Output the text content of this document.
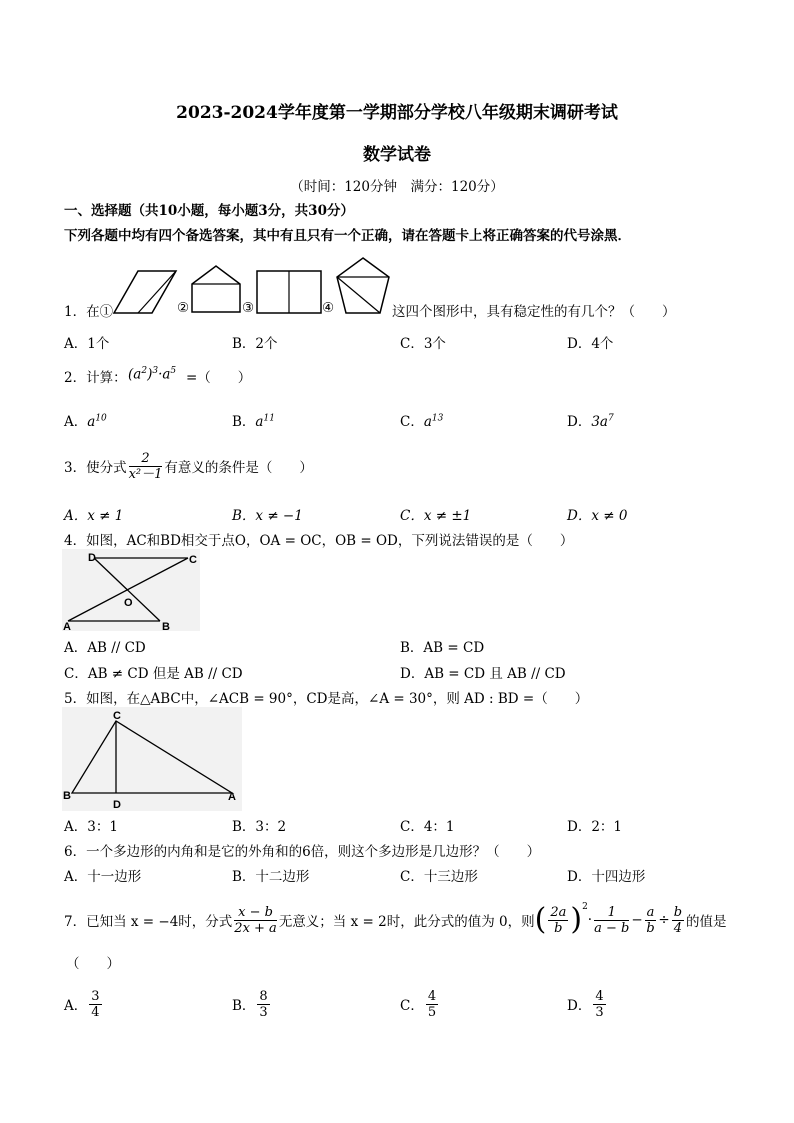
2023-2024学年度第一学期部分学校八年级期末调研考试
数学试卷
（时间：120分钟　满分：120分）
一、选择题（共10小题，每小题3分，共30分）
下列各题中均有四个备选答案，其中有且只有一个正确，请在答题卡上将正确答案的代号涂黑．
1．在①	②	③	④	这四个图形中，具有稳定性的有几个？（　　）
A．1个	B．2个	C．3个	D．4个
2．计算： $(a^2)^3\cdot a^5$ =（　　）
A．$a^{10}$	B．$a^{11}$	C．$a^{13}$	D．$3a^7$
3．使分式 $\frac{2}{\text{x²－1}}$ 有意义的条件是（　　）
A．x ≠ 1	B．x ≠ −1	C．x ≠ ±1	D．x ≠ 0
4．如图，AC和BD相交于点O，OA = OC，OB = OD，下列说法错误的是（　　）
D	C
O
A	B
A．AB // CD	B．AB = CD
C．AB ≠ CD 但是 AB // CD	D．AB = CD 且 AB // CD
5．如图，在△ABC中，∠ACB = 90°，CD是高，∠A = 30°，则 AD : BD =（　　）
C
B
D
A
A．3：1	B．3：2	C．4：1	D．2：1
6．一个多边形的内角和是它的外角和的6倍，则这个多边形是几边形？（　　）
A．十一边形	B．十二边形	C．十三边形	D．十四边形
7．已知当 x = −4时，分式 $\frac{x - b}{2x + a}$ 无意义；当 x = 2时，此分式的值为 0，则 ( $\frac{2a}{b} )^2$
· $\frac{1}{a - b} - \frac{a}{b} \div \frac{b}{4}$ 的值是
（　　）
A． $\frac{3}{4}$	B． $\frac{8}{3}$	C． $\frac{4}{5}$	D． $\frac{4}{3}$
